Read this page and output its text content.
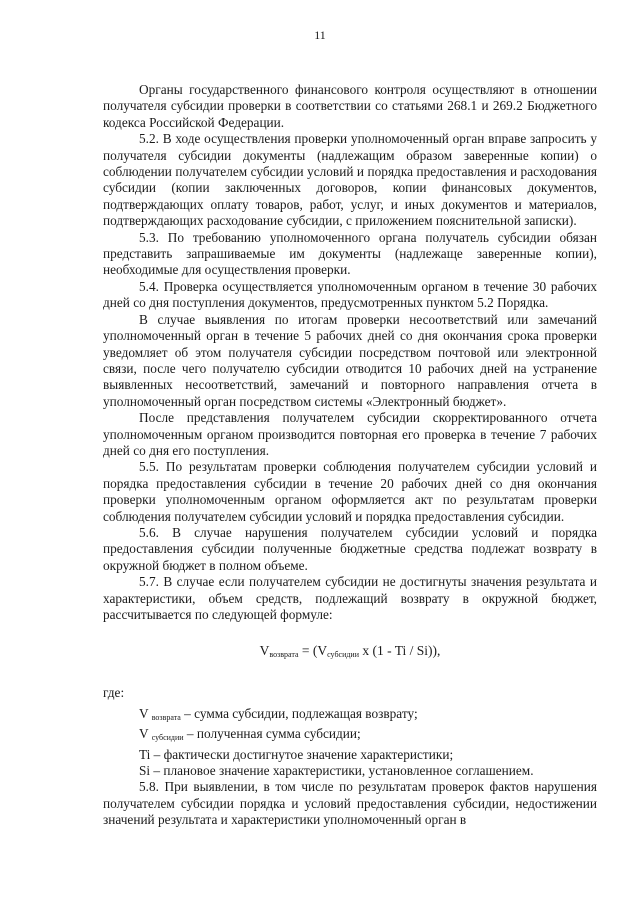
11

Органы государственного финансового контроля осуществляют в отношении получателя субсидии проверки в соответствии со статьями 268.1 и 269.2 Бюджетного кодекса Российской Федерации.

5.2. В ходе осуществления проверки уполномоченный орган вправе запросить у получателя субсидии документы (надлежащим образом заверенные копии) о соблюдении получателем субсидии условий и порядка предоставления и расходования субсидии (копии заключенных договоров, копии финансовых документов, подтверждающих оплату товаров, работ, услуг, и иных документов и материалов, подтверждающих расходование субсидии, с приложением пояснительной записки).

5.3. По требованию уполномоченного органа получатель субсидии обязан представить запрашиваемые им документы (надлежаще заверенные копии), необходимые для осуществления проверки.

5.4. Проверка осуществляется уполномоченным органом в течение 30 рабочих дней со дня поступления документов, предусмотренных пунктом 5.2 Порядка.

В случае выявления по итогам проверки несоответствий или замечаний уполномоченный орган в течение 5 рабочих дней со дня окончания срока проверки уведомляет об этом получателя субсидии посредством почтовой или электронной связи, после чего получателю субсидии отводится 10 рабочих дней на устранение выявленных несоответствий, замечаний и повторного направления отчета в уполномоченный орган посредством системы «Электронный бюджет».

После представления получателем субсидии скорректированного отчета уполномоченным органом производится повторная его проверка в течение 7 рабочих дней со дня его поступления.

5.5. По результатам проверки соблюдения получателем субсидии условий и порядка предоставления субсидии в течение 20 рабочих дней со дня окончания проверки уполномоченным органом оформляется акт по результатам проверки соблюдения получателем субсидии условий и порядка предоставления субсидии.

5.6. В случае нарушения получателем субсидии условий и порядка предоставления субсидии полученные бюджетные средства подлежат возврату в окружной бюджет в полном объеме.

5.7. В случае если получателем субсидии не достигнуты значения результата и характеристики, объем средств, подлежащий возврату в окружной бюджет, рассчитывается по следующей формуле:

$V_{возврата} = (V_{субсидии}$ x (1 - Ti / Si)),

где:

V $_{возврата}$ – сумма субсидии, подлежащая возврату;

V $_{субсидии}$ – полученная сумма субсидии;

Ti – фактически достигнутое значение характеристики;

Si – плановое значение характеристики, установленное соглашением.

5.8. При выявлении, в том числе по результатам проверок фактов нарушения получателем субсидии порядка и условий предоставления субсидии, недостижении значений результата и характеристики уполномоченный орган в
